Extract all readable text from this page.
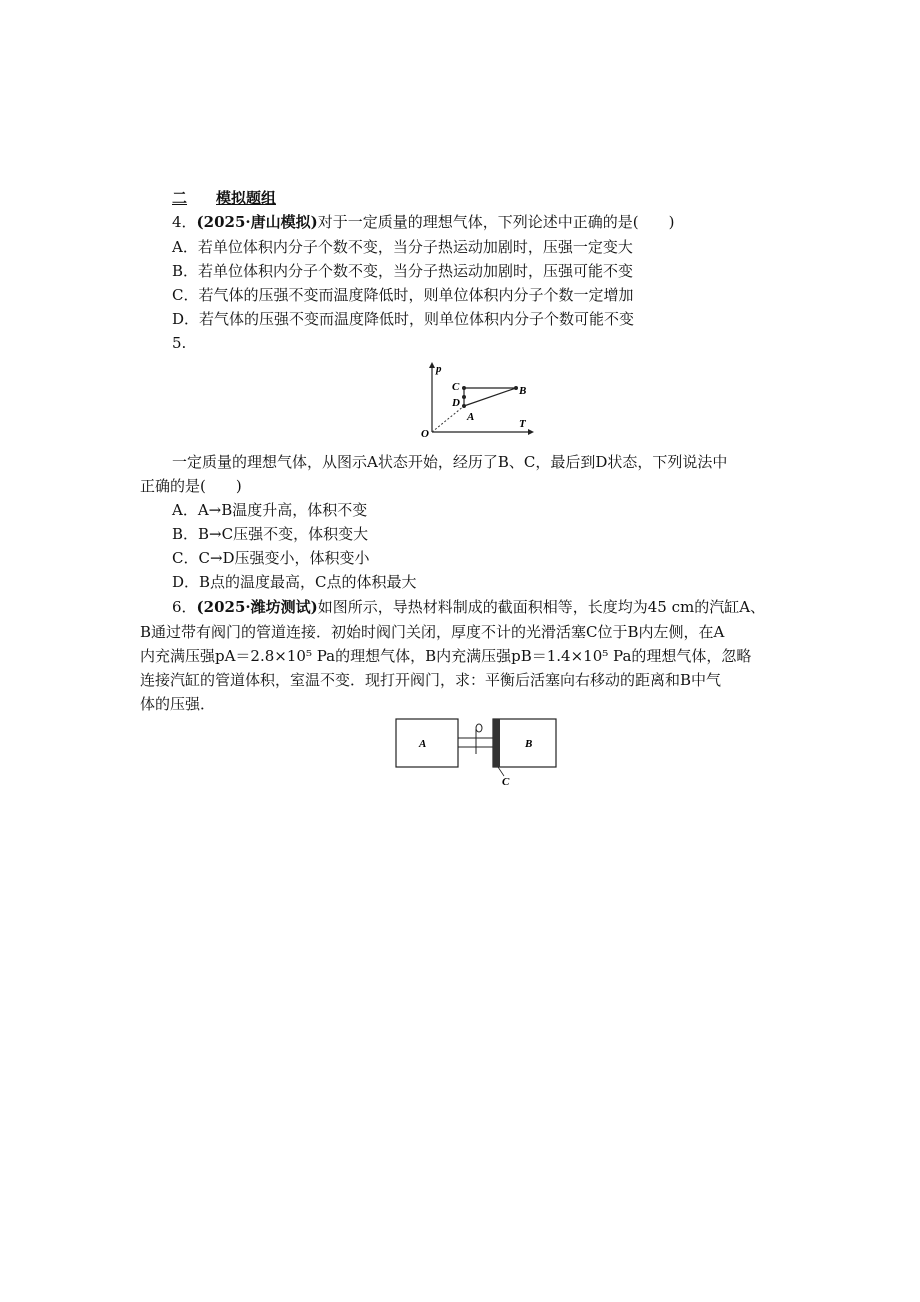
二 模拟题组
4．(2025·唐山模拟)对于一定质量的理想气体，下列论述中正确的是(　　)
A．若单位体积内分子个数不变，当分子热运动加剧时，压强一定变大
B．若单位体积内分子个数不变，当分子热运动加剧时，压强可能不变
C．若气体的压强不变而温度降低时，则单位体积内分子个数一定增加
D．若气体的压强不变而温度降低时，则单位体积内分子个数可能不变
5.
p
T
O
C	B
D
A
一定质量的理想气体，从图示A状态开始，经历了B、C，最后到D状态，下列说法中
正确的是(　　)
A．A→B温度升高，体积不变
B．B→C压强不变，体积变大
C．C→D压强变小，体积变小
D．B点的温度最高，C点的体积最大
6．(2025·潍坊测试)如图所示，导热材料制成的截面积相等，长度均为45 cm的汽缸A、
B通过带有阀门的管道连接．初始时阀门关闭，厚度不计的光滑活塞C位于B内左侧，在A
内充满压强pA＝2.8×10⁵ Pa的理想气体，B内充满压强pB＝1.4×10⁵ Pa的理想气体，忽略
连接汽缸的管道体积，室温不变．现打开阀门，求：平衡后活塞向右移动的距离和B中气
体的压强．
A	B
C
